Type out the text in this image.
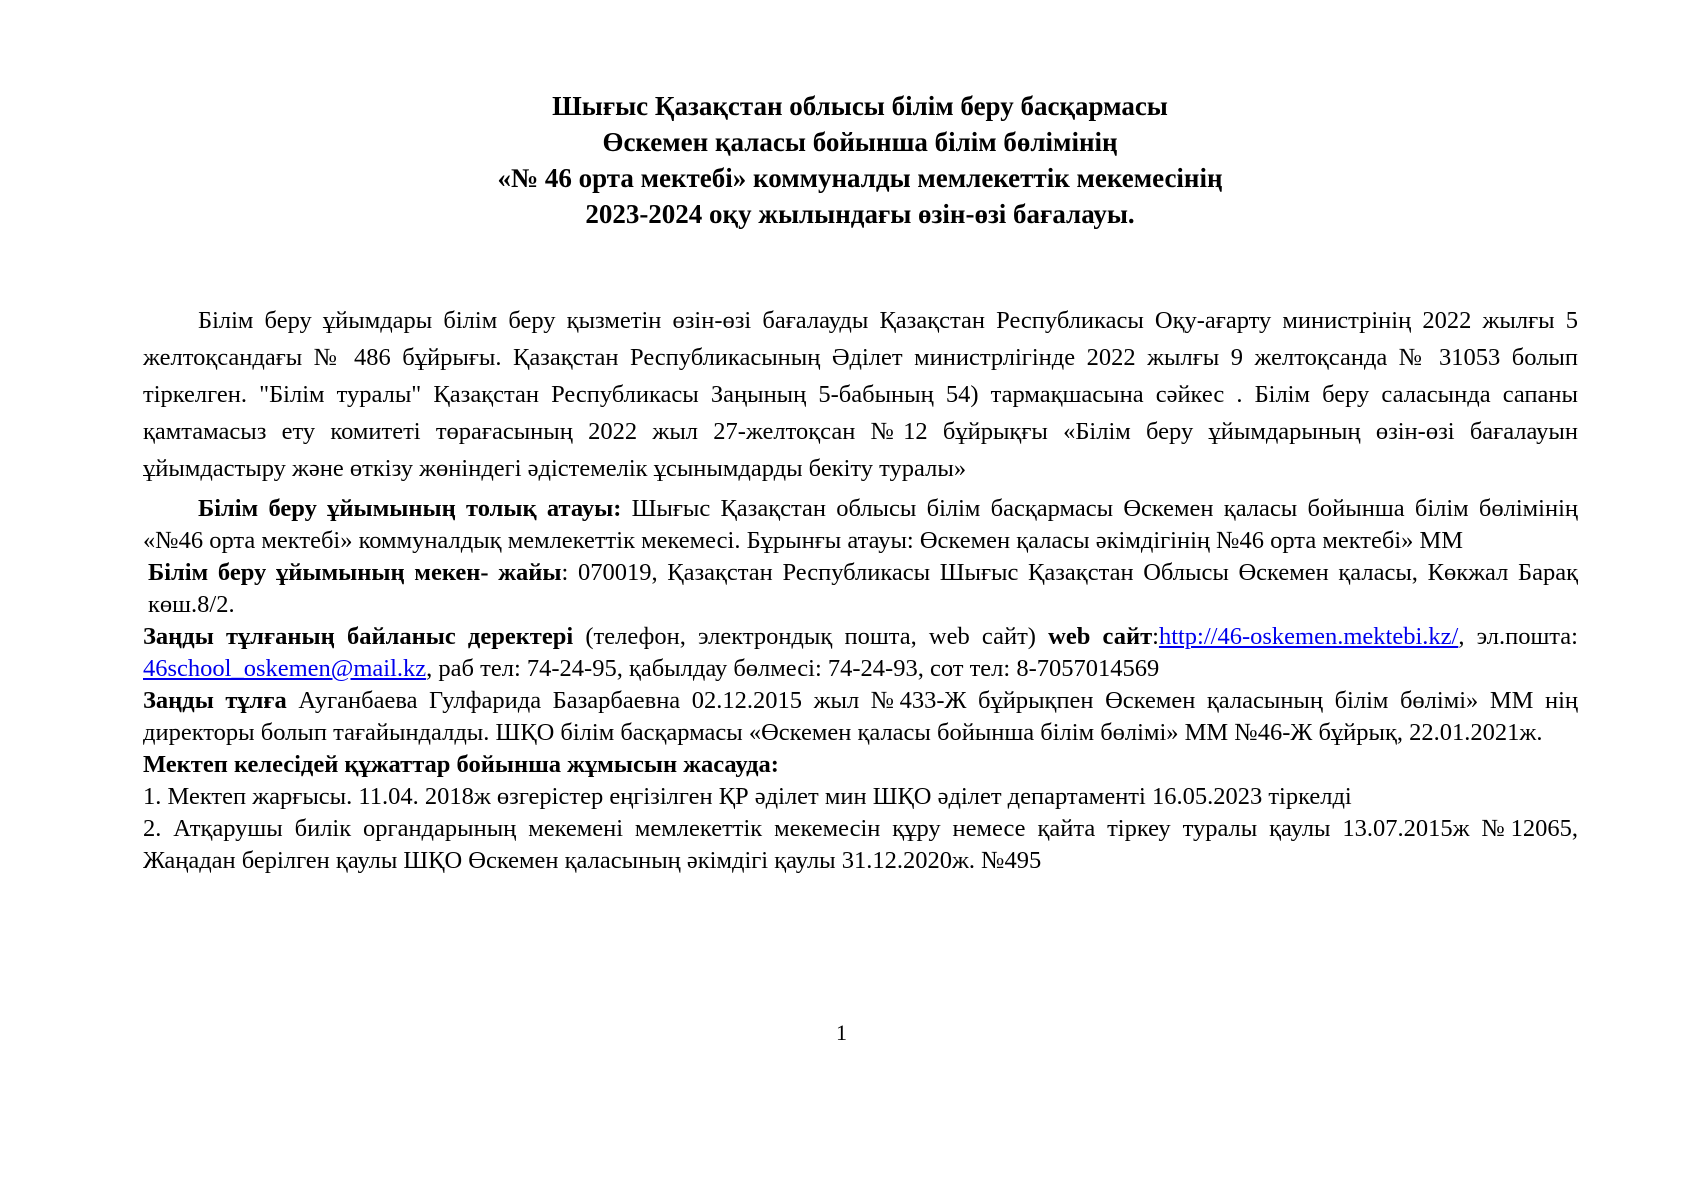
Шығыс Қазақстан облысы білім беру басқармасы
Өскемен қаласы бойынша білім бөлімінің
«№ 46 орта мектебі» коммуналды мемлекеттік мекемесінің
2023-2024 оқу жылындағы өзін-өзі бағалауы.

Білім беру ұйымдары білім беру қызметін өзін-өзі бағалауды Қазақстан Республикасы Оқу-ағарту министрінің 2022 жылғы 5 желтоқсандағы № 486 бұйрығы. Қазақстан Республикасының Әділет министрлігінде 2022 жылғы 9 желтоқсанда № 31053 болып тіркелген. "Білім туралы" Қазақстан Республикасы Заңының 5-бабының 54) тармақшасына сәйкес . Білім беру саласында сапаны қамтамасыз ету комитеті төрағасының 2022 жыл 27-желтоқсан №12 бұйрықғы «Білім беру ұйымдарының өзін-өзі бағалауын ұйымдастыру және өткізу жөніндегі әдістемелік ұсынымдарды бекіту туралы»

Білім беру ұйымының толық атауы: Шығыс Қазақстан облысы білім басқармасы Өскемен қаласы бойынша білім бөлімінің «№46 орта мектебі» коммуналдық мемлекеттік мекемесі. Бұрынғы атауы: Өскемен қаласы әкімдігінің №46 орта мектебі» ММ

Білім беру ұйымының мекен- жайы: 070019, Қазақстан Республикасы Шығыс Қазақстан Облысы Өскемен қаласы, Көкжал Барақ көш.8/2.

Заңды тұлғаның байланыс деректері (телефон, электрондық пошта, web сайт) web сайт:http://46-oskemen.mektebi.kz/, эл.пошта: 46school_oskemen@mail.kz, раб тел: 74-24-95, қабылдау бөлмесі: 74-24-93, сот тел: 8-7057014569

Заңды тұлға Ауганбаева Гулфарида Базарбаевна 02.12.2015 жыл №433-Ж бұйрықпен Өскемен қаласының білім бөлімі» ММ нің директоры болып тағайындалды. ШҚО білім басқармасы «Өскемен қаласы бойынша білім бөлімі» ММ №46-Ж бұйрық, 22.01.2021ж.

Мектеп келесідей құжаттар бойынша жұмысын жасауда:

1. Мектеп жарғысы. 11.04. 2018ж өзгерістер еңгізілген ҚР әділет мин ШҚО әділет департаменті 16.05.2023 тіркелді

2. Атқарушы билік органдарының мекемені мемлекеттік мекемесін құру немесе қайта тіркеу туралы қаулы 13.07.2015ж №12065, Жаңадан берілген қаулы ШҚО Өскемен қаласының әкімдігі қаулы 31.12.2020ж. №495

1
